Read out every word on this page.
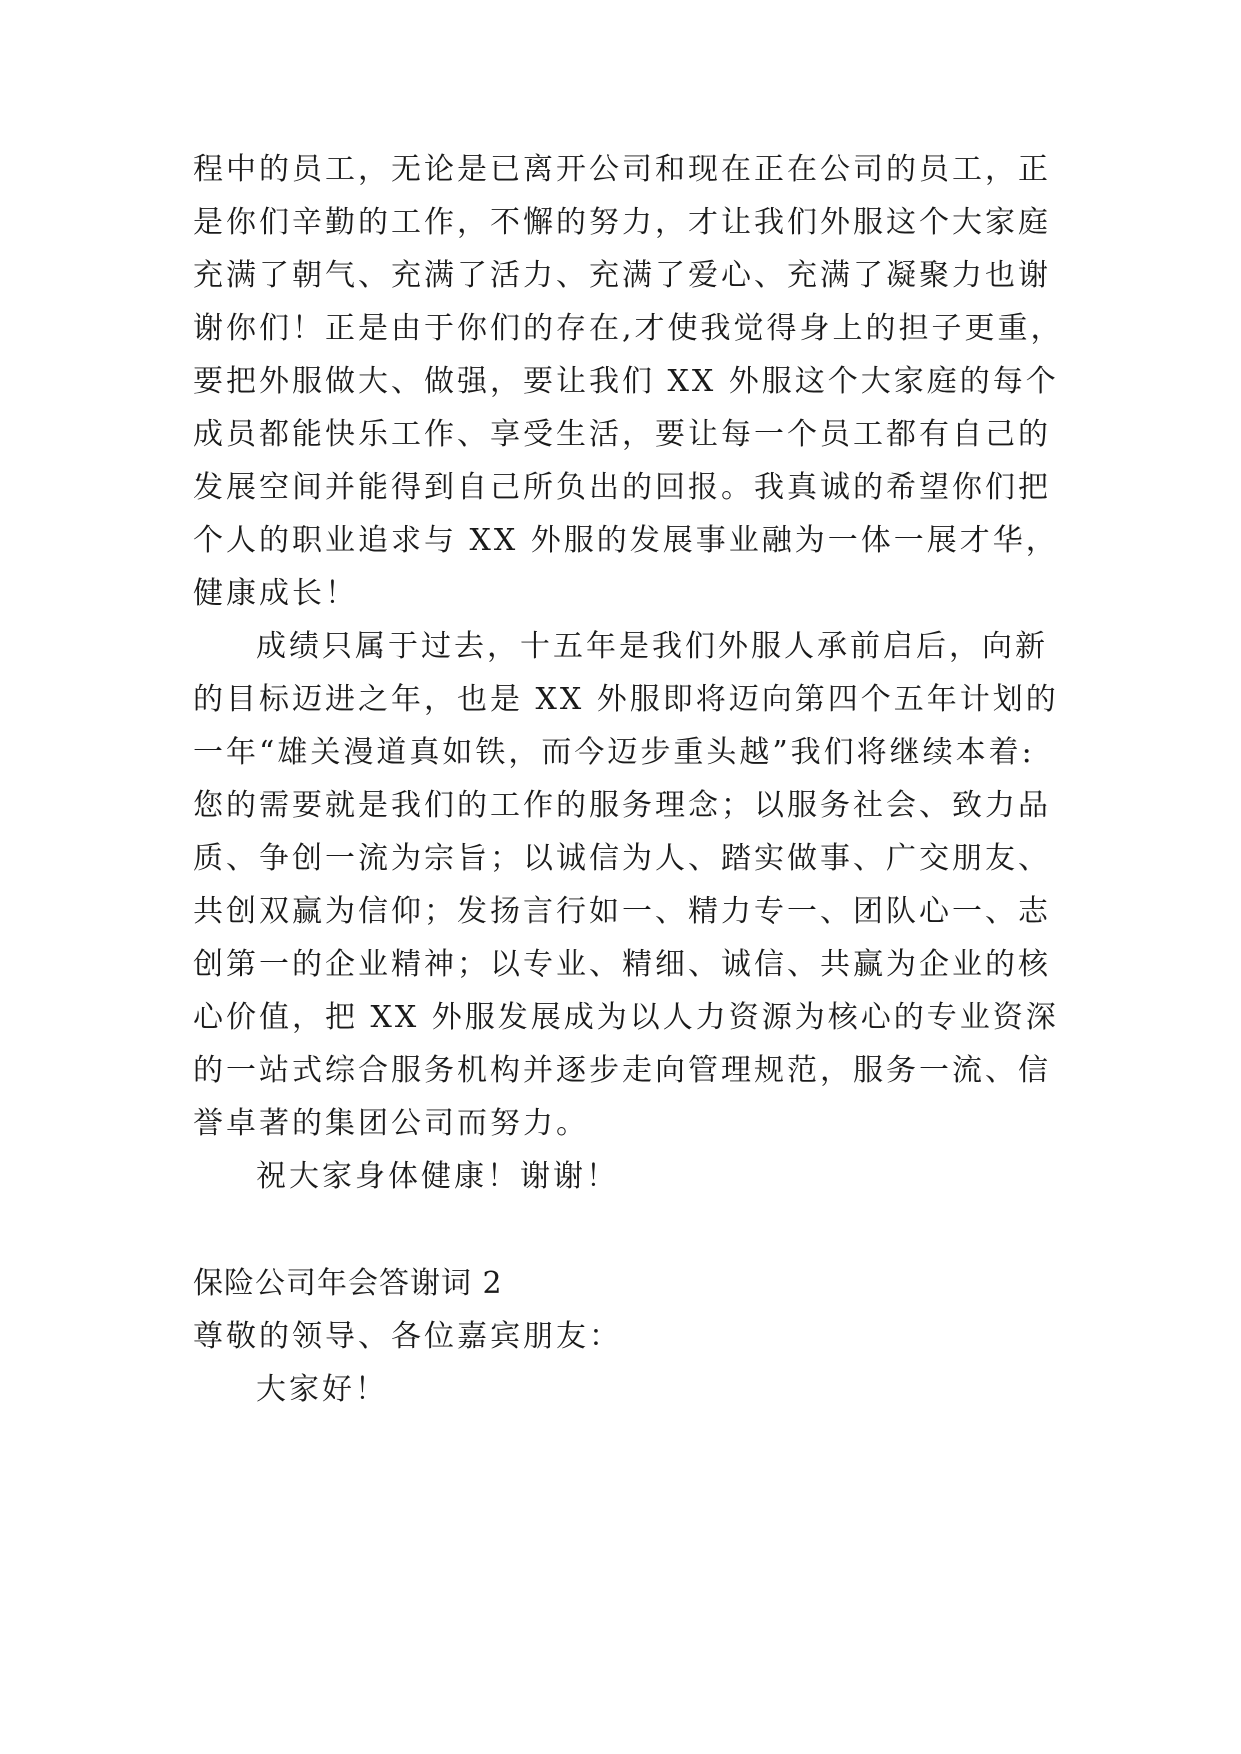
程中的员工，无论是已离开公司和现在正在公司的员工，正

是你们辛勤的工作，不懈的努力，才让我们外服这个大家庭

充满了朝气、充满了活力、充满了爱心、充满了凝聚力也谢

谢你们！正是由于你们的存在,才使我觉得身上的担子更重，

要把外服做大、做强，要让我们 XX 外服这个大家庭的每个

成员都能快乐工作、享受生活，要让每一个员工都有自己的

发展空间并能得到自己所负出的回报。我真诚的希望你们把

个人的职业追求与 XX 外服的发展事业融为一体一展才华，

健康成长！

成绩只属于过去，十五年是我们外服人承前启后，向新

的目标迈进之年，也是 XX 外服即将迈向第四个五年计划的

一年“雄关漫道真如铁，而今迈步重头越”我们将继续本着:

您的需要就是我们的工作的服务理念；以服务社会、致力品

质、争创一流为宗旨；以诚信为人、踏实做事、广交朋友、

共创双赢为信仰；发扬言行如一、精力专一、团队心一、志

创第一的企业精神；以专业、精细、诚信、共赢为企业的核

心价值，把 XX 外服发展成为以人力资源为核心的专业资深

的一站式综合服务机构并逐步走向管理规范，服务一流、信

誉卓著的集团公司而努力。

祝大家身体健康！谢谢！

保险公司年会答谢词 2

尊敬的领导、各位嘉宾朋友：

大家好！
